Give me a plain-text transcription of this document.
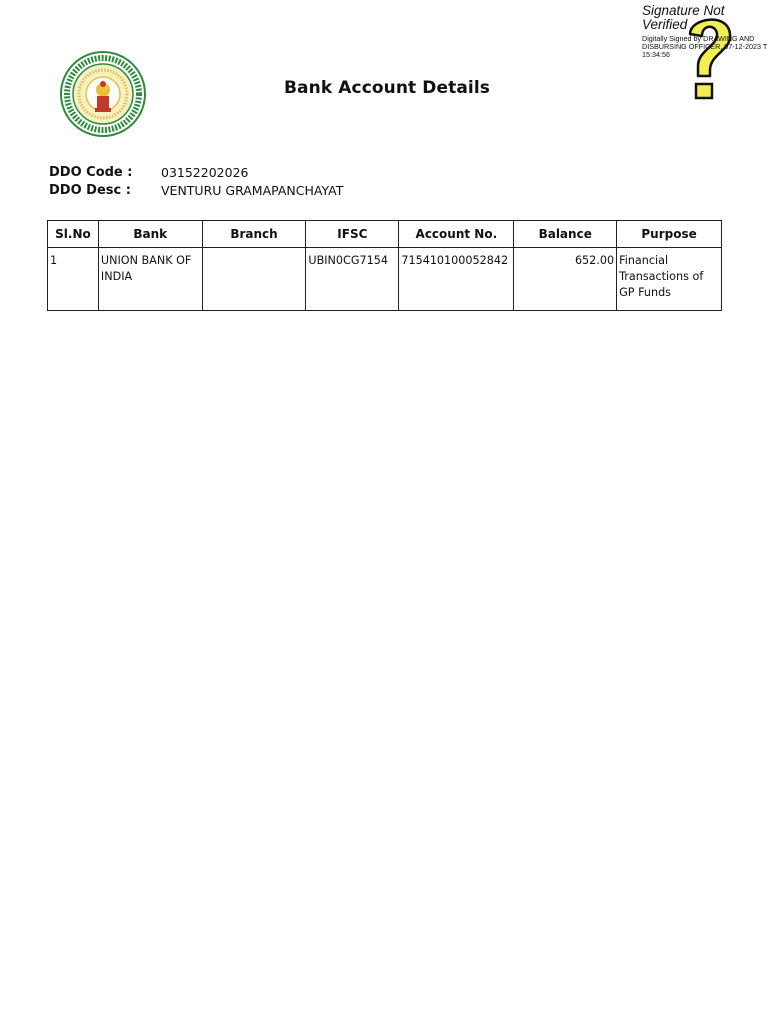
Bank Account Details
Signature Not Verified
Digitally Signed by DRAWING AND DISBURSING OFFICER, 07-12-2023 T 15:34:56
DDO Code : 03152202026
DDO Desc : VENTURU GRAMAPANCHAYAT
Sl.No	Bank	Branch	IFSC	Account No.	Balance	Purpose
1	UNION BANK OF INDIA		UBIN0CG7154	715410100052842	652.00	Financial Transactions of GP Funds
